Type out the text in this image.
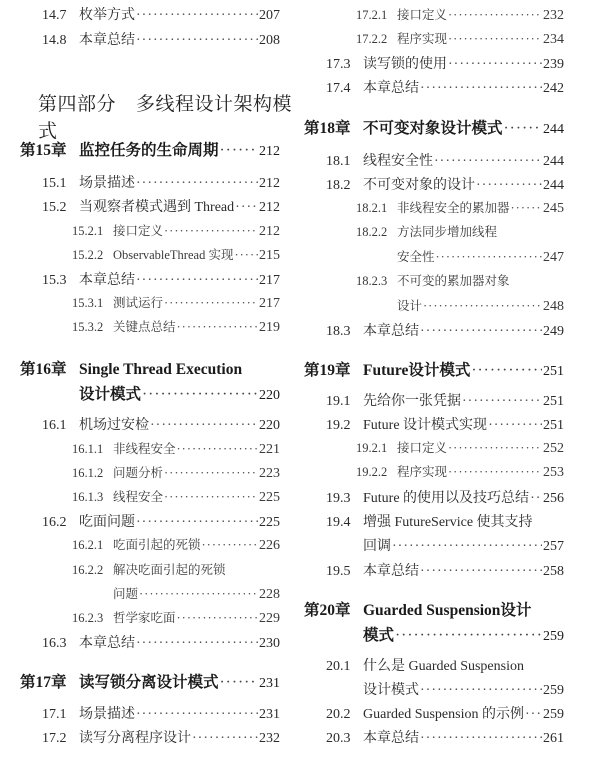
14.7 枚举方式 ·····	207
14.8 本章总结 ·····	208
第四部分 多线程设计架构模式
第15章 监控任务的生命周期 ·····	212
15.1 场景描述 ·····	212
15.2 当观察者模式遇到 Thread ····· 212
15.2.1 接口定义 ·····	212
15.2.2 ObservableThread 实现 ····· 215
15.3 本章总结 ·····	217
15.3.1 测试运行 ·····	217
15.3.2 关键点总结 ·····	219
第16章 Single Thread Execution
设计模式 ·····	220
16.1 机场过安检 ·····	220
16.1.1 非线程安全 ·····	221
16.1.2 问题分析 ·····	223
16.1.3 线程安全 ·····	225
16.2 吃面问题 ·····	225
16.2.1 吃面引起的死锁 ·····	226
16.2.2 解决吃面引起的死锁
问题 ·····	228
16.2.3 哲学家吃面 ·····	229
16.3 本章总结 ·····	230
第17章 读写锁分离设计模式 ·····	231
17.1 场景描述 ·····	231
17.2 读写分离程序设计 ·····	232
17.2.1 接口定义 ·····	232
17.2.2 程序实现 ·····	234
17.3 读写锁的使用 ·····	239
17.4 本章总结 ·····	242
第18章 不可变对象设计模式 ·····	244
18.1 线程安全性 ·····	244
18.2 不可变对象的设计 ·····	244
18.2.1 非线程安全的累加器 ····· 245
18.2.2 方法同步增加线程
安全性 ·····	247
18.2.3 不可变的累加器对象
设计 ·····	248
18.3 本章总结 ·····	249
第19章 Future设计模式 ·····	251
19.1 先给你一张凭据 ·····	251
19.2 Future 设计模式实现 ·····	251
19.2.1 接口定义 ·····	252
19.2.2 程序实现 ·····	253
19.3 Future 的使用以及技巧总结 ····· 256
19.4 增强 FutureService 使其支持
回调 ·····	257
19.5 本章总结 ·····	258
第20章 Guarded Suspension设计
模式 ·····	259
20.1 什么是 Guarded Suspension
设计模式 ·····	259
20.2 Guarded Suspension 的示例 ····· 259
20.3 本章总结 ·····	261
